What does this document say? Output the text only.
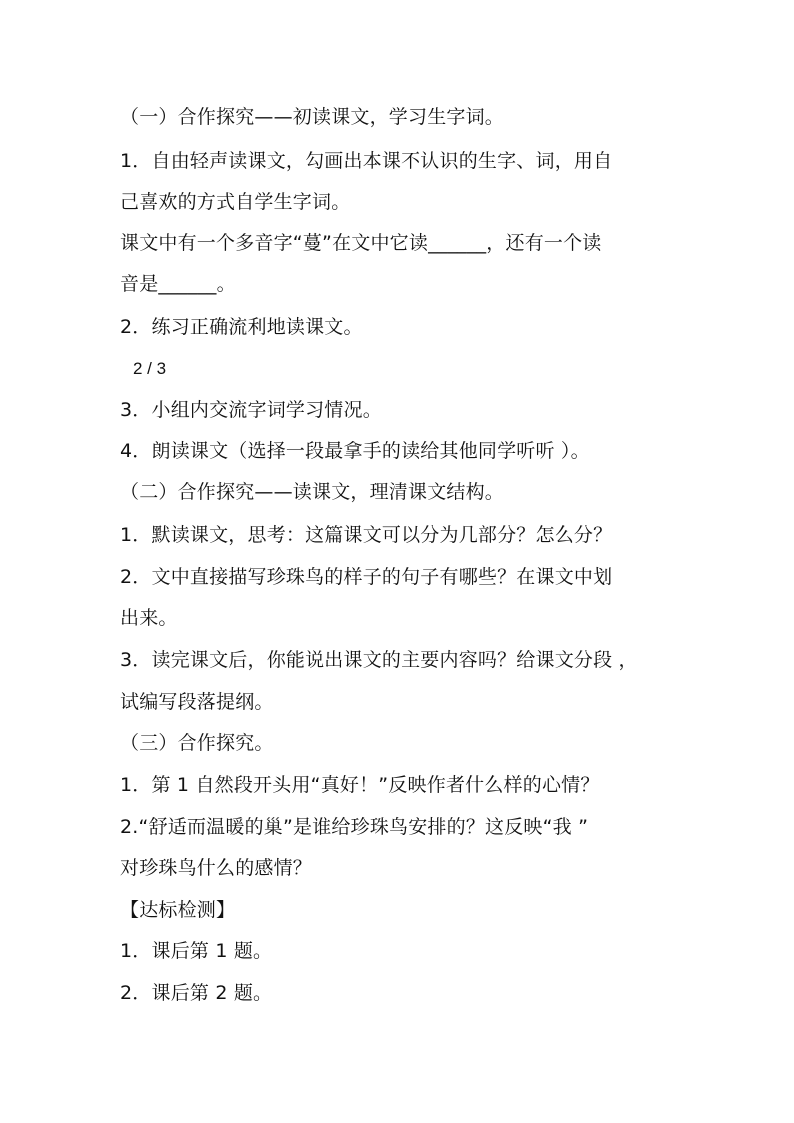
（一）合作探究——初读课文，学习生字词。
1．自由轻声读课文，勾画出本课不认识的生字、词，用自
己喜欢的方式自学生字词。
课文中有一个多音字“蔓”在文中它读______，还有一个读
音是______。
2．练习正确流利地读课文。
2 / 3
3．小组内交流字词学习情况。
4．朗读课文（选择一段最拿手的读给其他同学听听 ）。
（二）合作探究——读课文，理清课文结构。
1．默读课文，思考：这篇课文可以分为几部分？怎么分？
2．文中直接描写珍珠鸟的样子的句子有哪些？在课文中划
出来。
3．读完课文后，你能说出课文的主要内容吗？给课文分段 ，
试编写段落提纲。
（三）合作探究。
1．第 1 自然段开头用“真好！”反映作者什么样的心情？
2.“舒适而温暖的巢”是谁给珍珠鸟安排的？这反映“我 ”
对珍珠鸟什么的感情？
【达标检测】
1．课后第 1 题。
2．课后第 2 题。
